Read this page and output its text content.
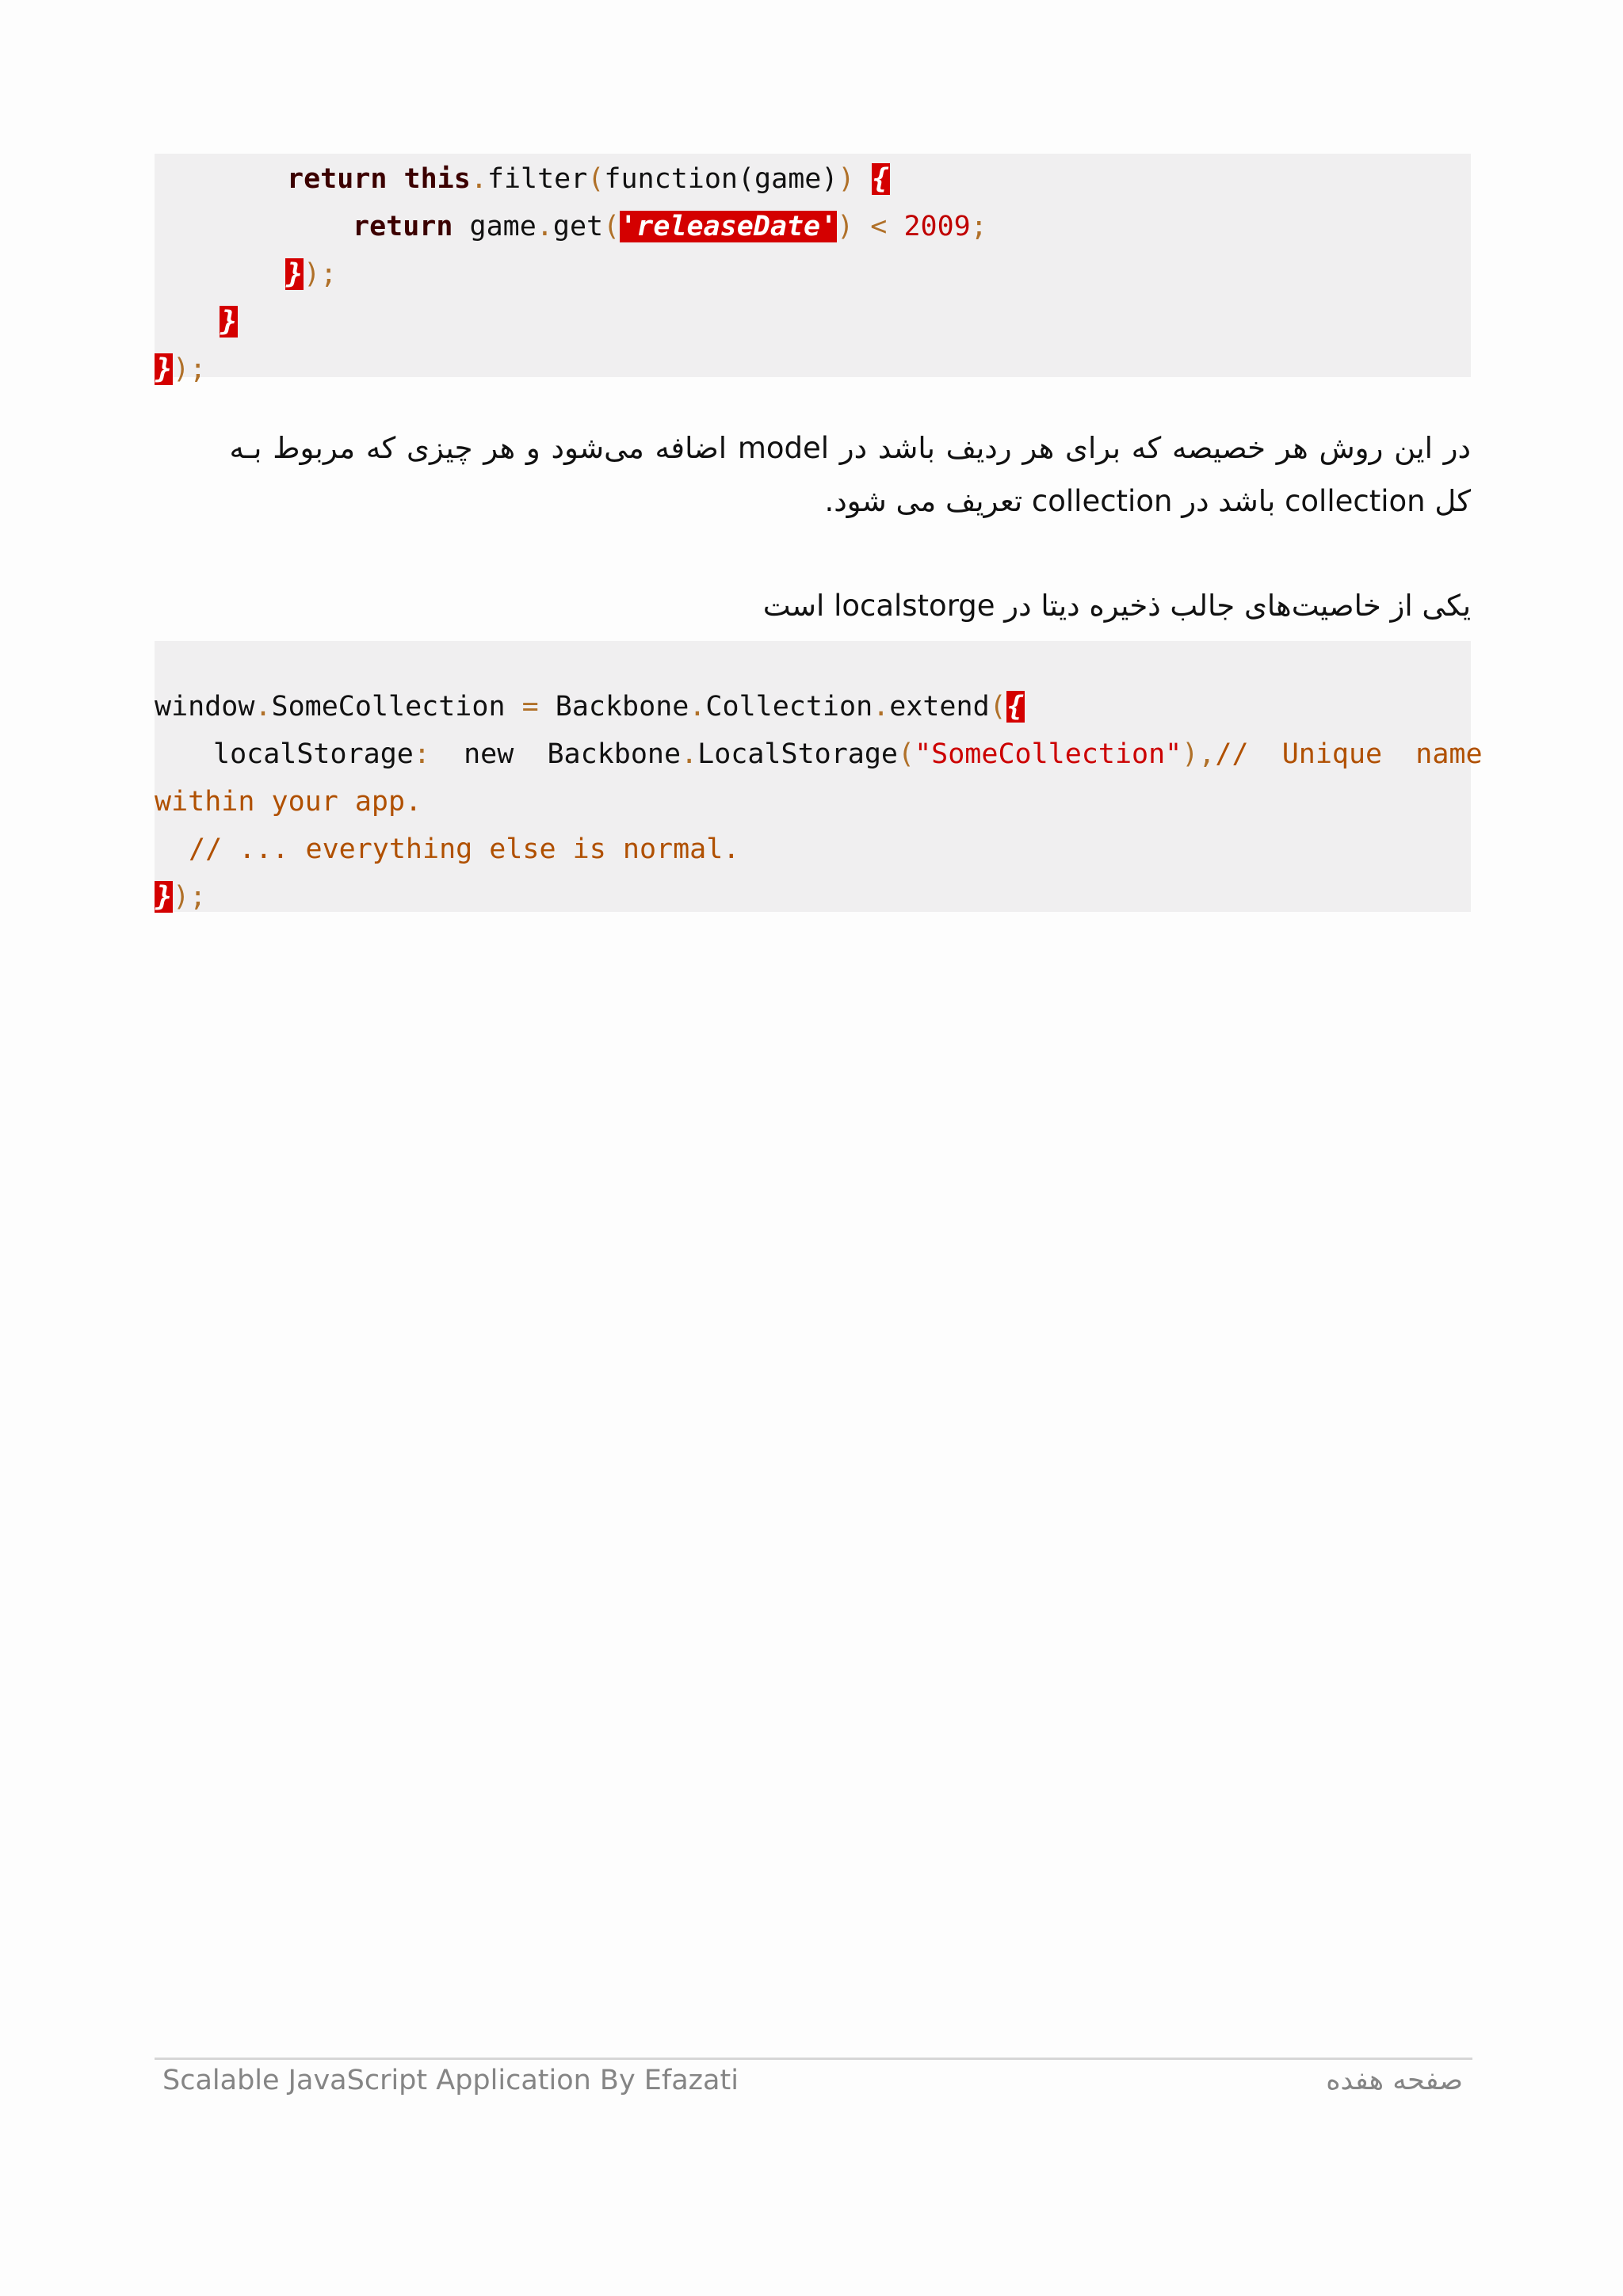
return this.filter(function(game)) {
return game.get('releaseDate') < 2009;
});
}
});
در این روش هر خصیصه که برای هر ردیف باشد در model اضافه می‌شود و هر چیزی که مربوط بـه
کل collection باشد در collection تعریف می شود.
یکی از خاصیت‌های جالب ذخیره دیتا در localstorge است
window.SomeCollection = Backbone.Collection.extend({
localStorage: new Backbone.LocalStorage("SomeCollection"), //  Unique  name
within your app.
// ... everything else is normal.
});
Scalable JavaScript Application By Efazati	صفحه هفده
